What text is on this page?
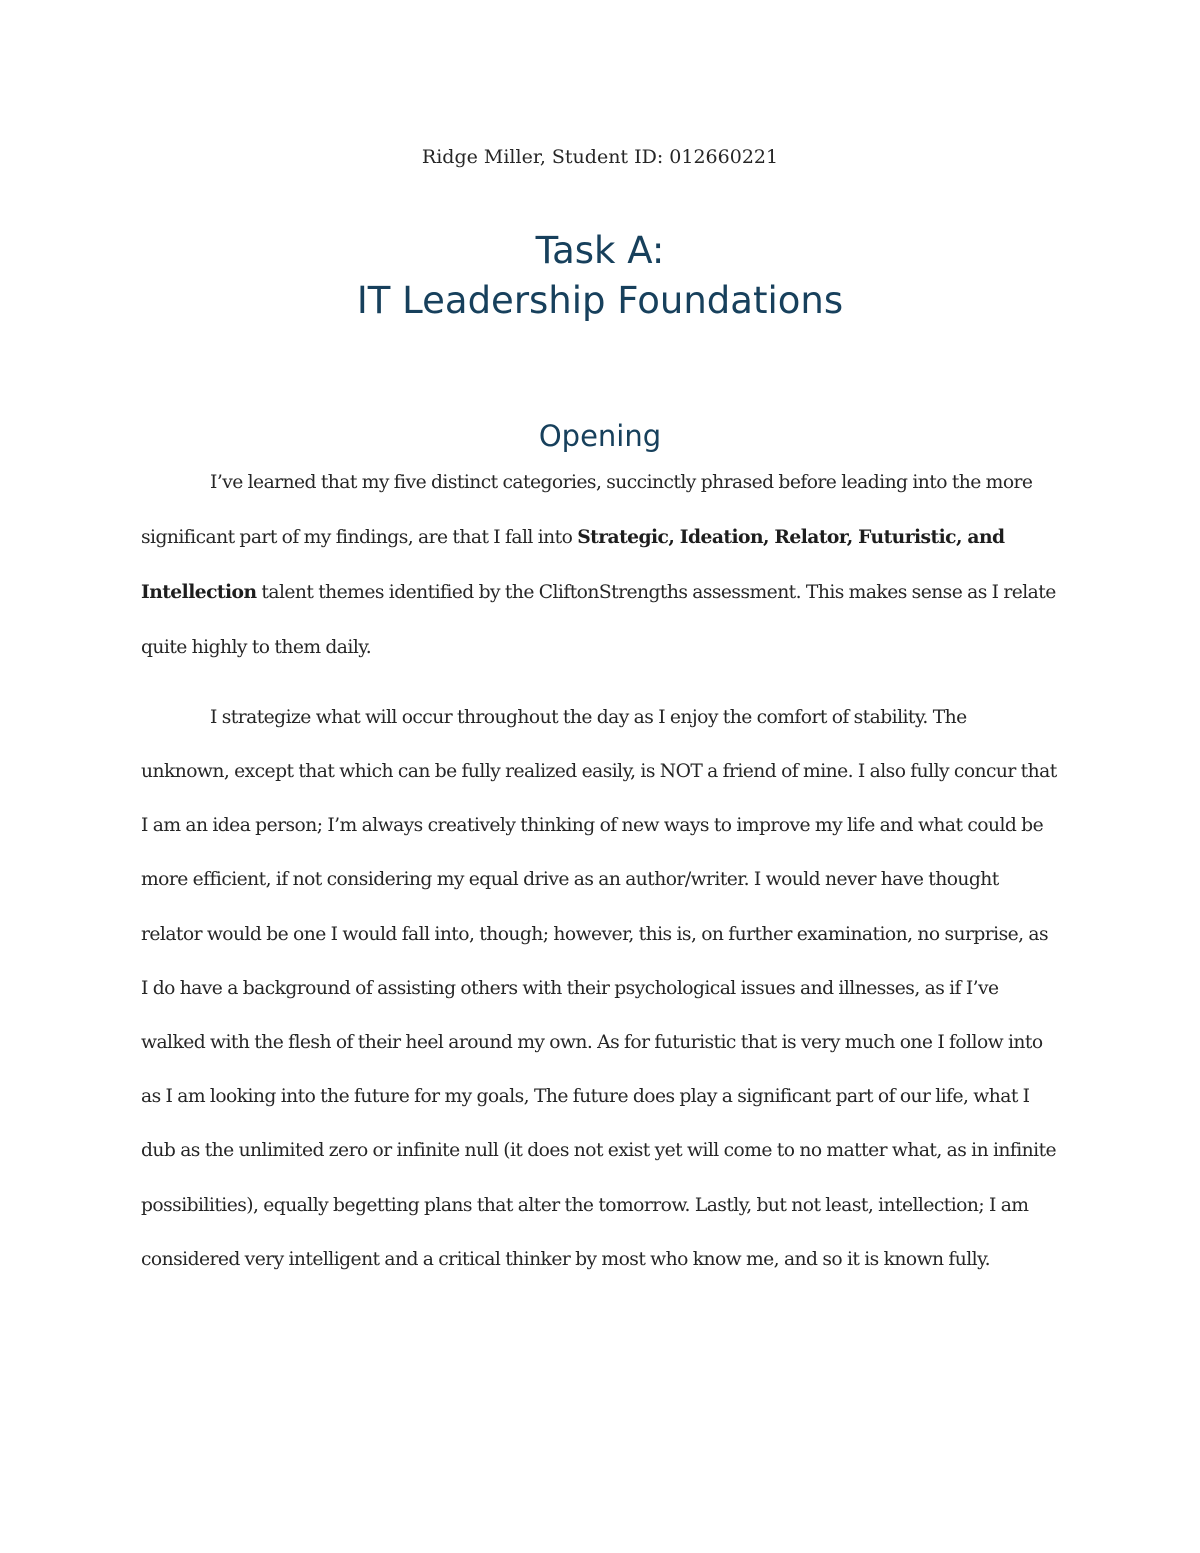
Ridge Miller, Student ID: 012660221

Task A:
IT Leadership Foundations
Opening

I’ve learned that my five distinct categories, succinctly phrased before leading into the more significant part of my findings, are that I fall into Strategic, Ideation, Relator, Futuristic, and Intellection talent themes identified by the CliftonStrengths assessment. This makes sense as I relate quite highly to them daily.

I strategize what will occur throughout the day as I enjoy the comfort of stability. The unknown, except that which can be fully realized easily, is NOT a friend of mine. I also fully concur that I am an idea person; I’m always creatively thinking of new ways to improve my life and what could be more efficient, if not considering my equal drive as an author/writer. I would never have thought relator would be one I would fall into, though; however, this is, on further examination, no surprise, as I do have a background of assisting others with their psychological issues and illnesses, as if I’ve walked with the flesh of their heel around my own. As for futuristic that is very much one I follow into as I am looking into the future for my goals, The future does play a significant part of our life, what I dub as the unlimited zero or infinite null (it does not exist yet will come to no matter what, as in infinite possibilities), equally begetting plans that alter the tomorrow. Lastly, but not least, intellection; I am considered very intelligent and a critical thinker by most who know me, and so it is known fully.
